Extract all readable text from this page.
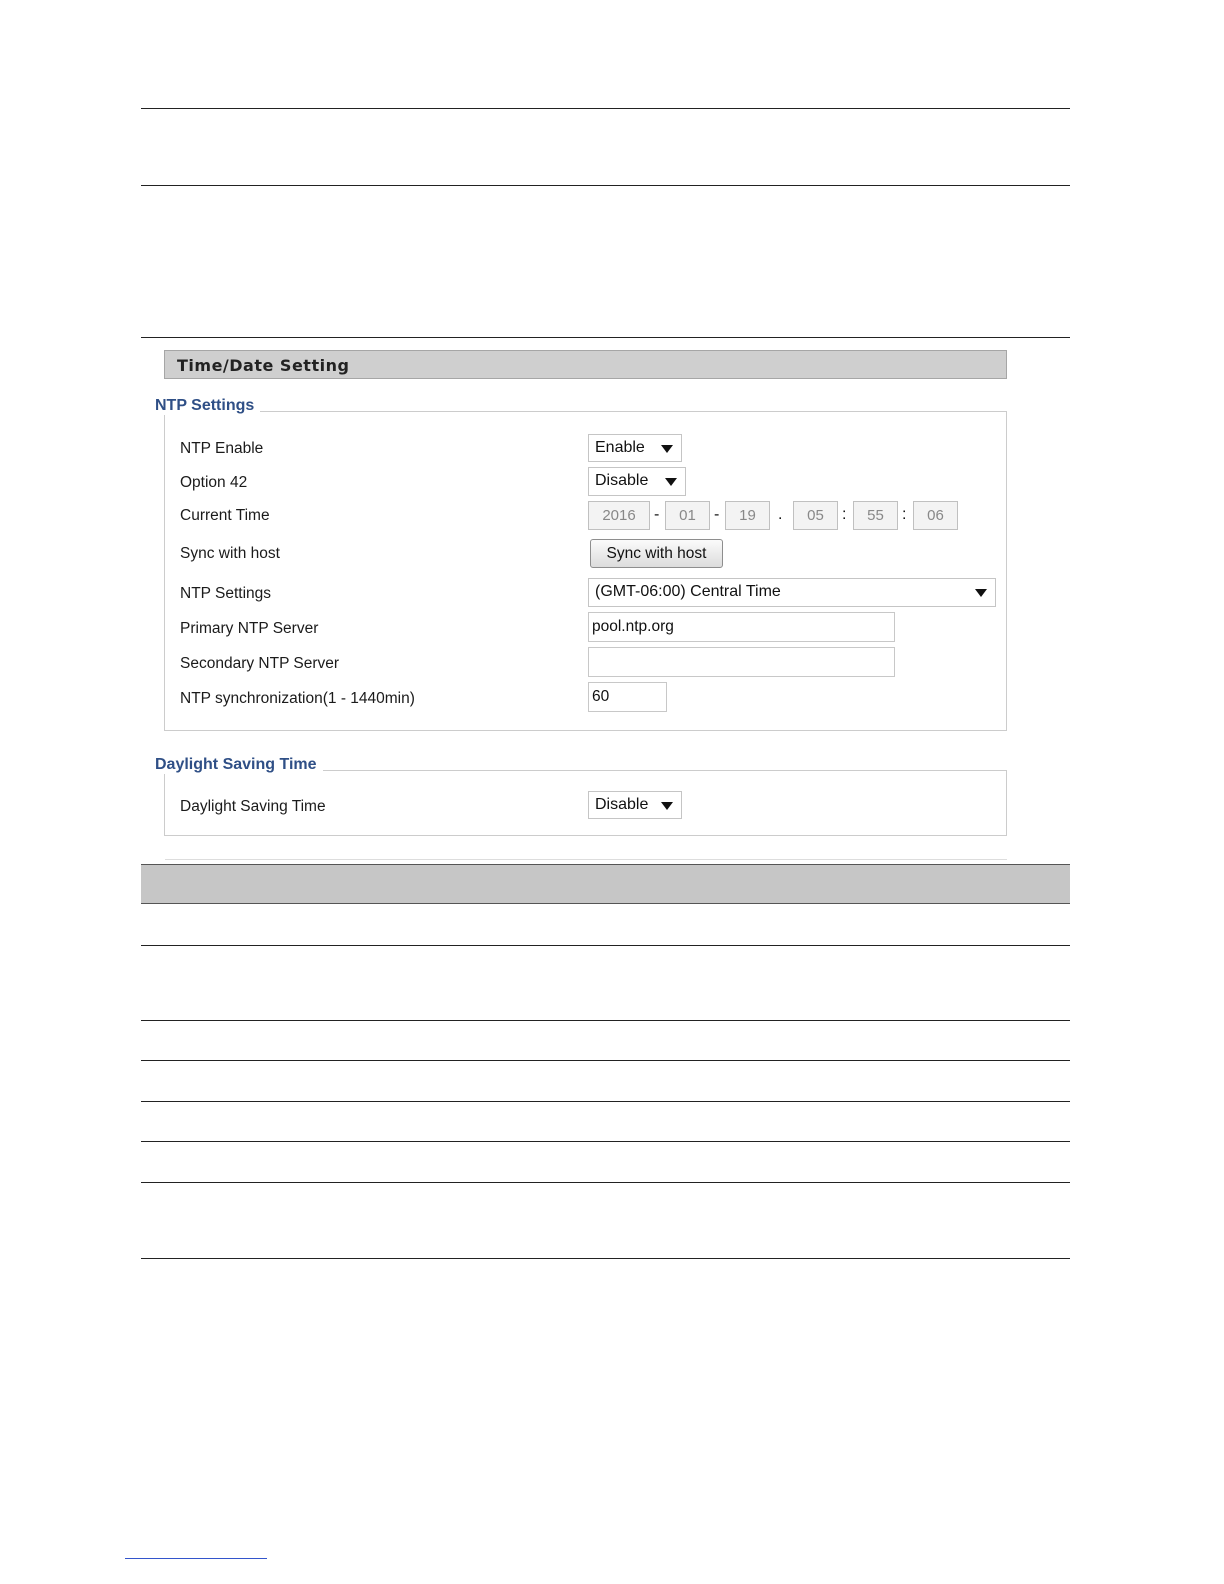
Time/Date Setting
NTP Settings
NTP Enable	Enable
Option 42	Disable
Current Time	2016	-	01	-	19	.	05	:	55	:	06
Sync with host	Sync with host
NTP Settings	(GMT-06:00) Central Time
Primary NTP Server	pool.ntp.org
Secondary NTP Server
NTP synchronization(1 - 1440min)	60
Daylight Saving Time
Daylight Saving Time	Disable
